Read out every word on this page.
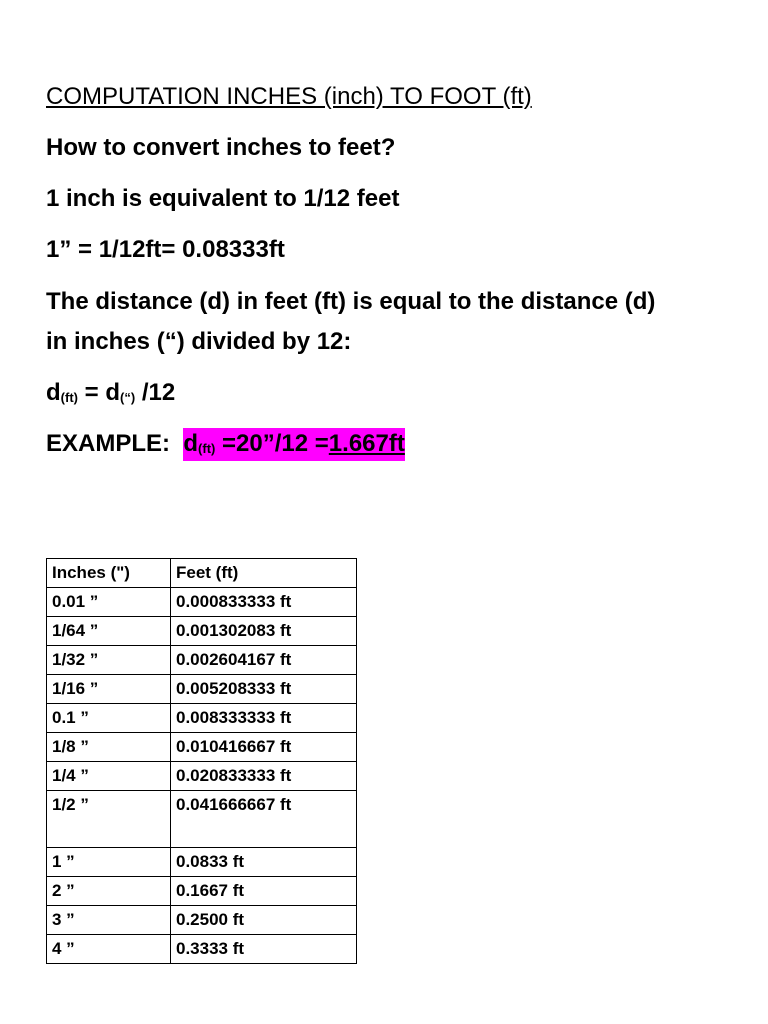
COMPUTATION INCHES (inch) TO FOOT (ft)
How to convert inches to feet?
1 inch is equivalent to 1/12 feet
1” = 1/12ft= 0.08333ft
The distance (d) in feet (ft) is equal to the distance (d)
in inches (“) divided by 12:
d(ft) = d(“) /12
EXAMPLE: d(ft) =20”/12 =1.667ft
Inches (")	Feet (ft)
0.01 ”	0.000833333 ft
1/64 ”	0.001302083 ft
1/32 ”	0.002604167 ft
1/16 ”	0.005208333 ft
0.1 ”	0.008333333 ft
1/8 ”	0.010416667 ft
1/4 ”	0.020833333 ft
1/2 ”	0.041666667 ft
1 ”	0.0833 ft
2 ”	0.1667 ft
3 ”	0.2500 ft
4 ”	0.3333 ft
